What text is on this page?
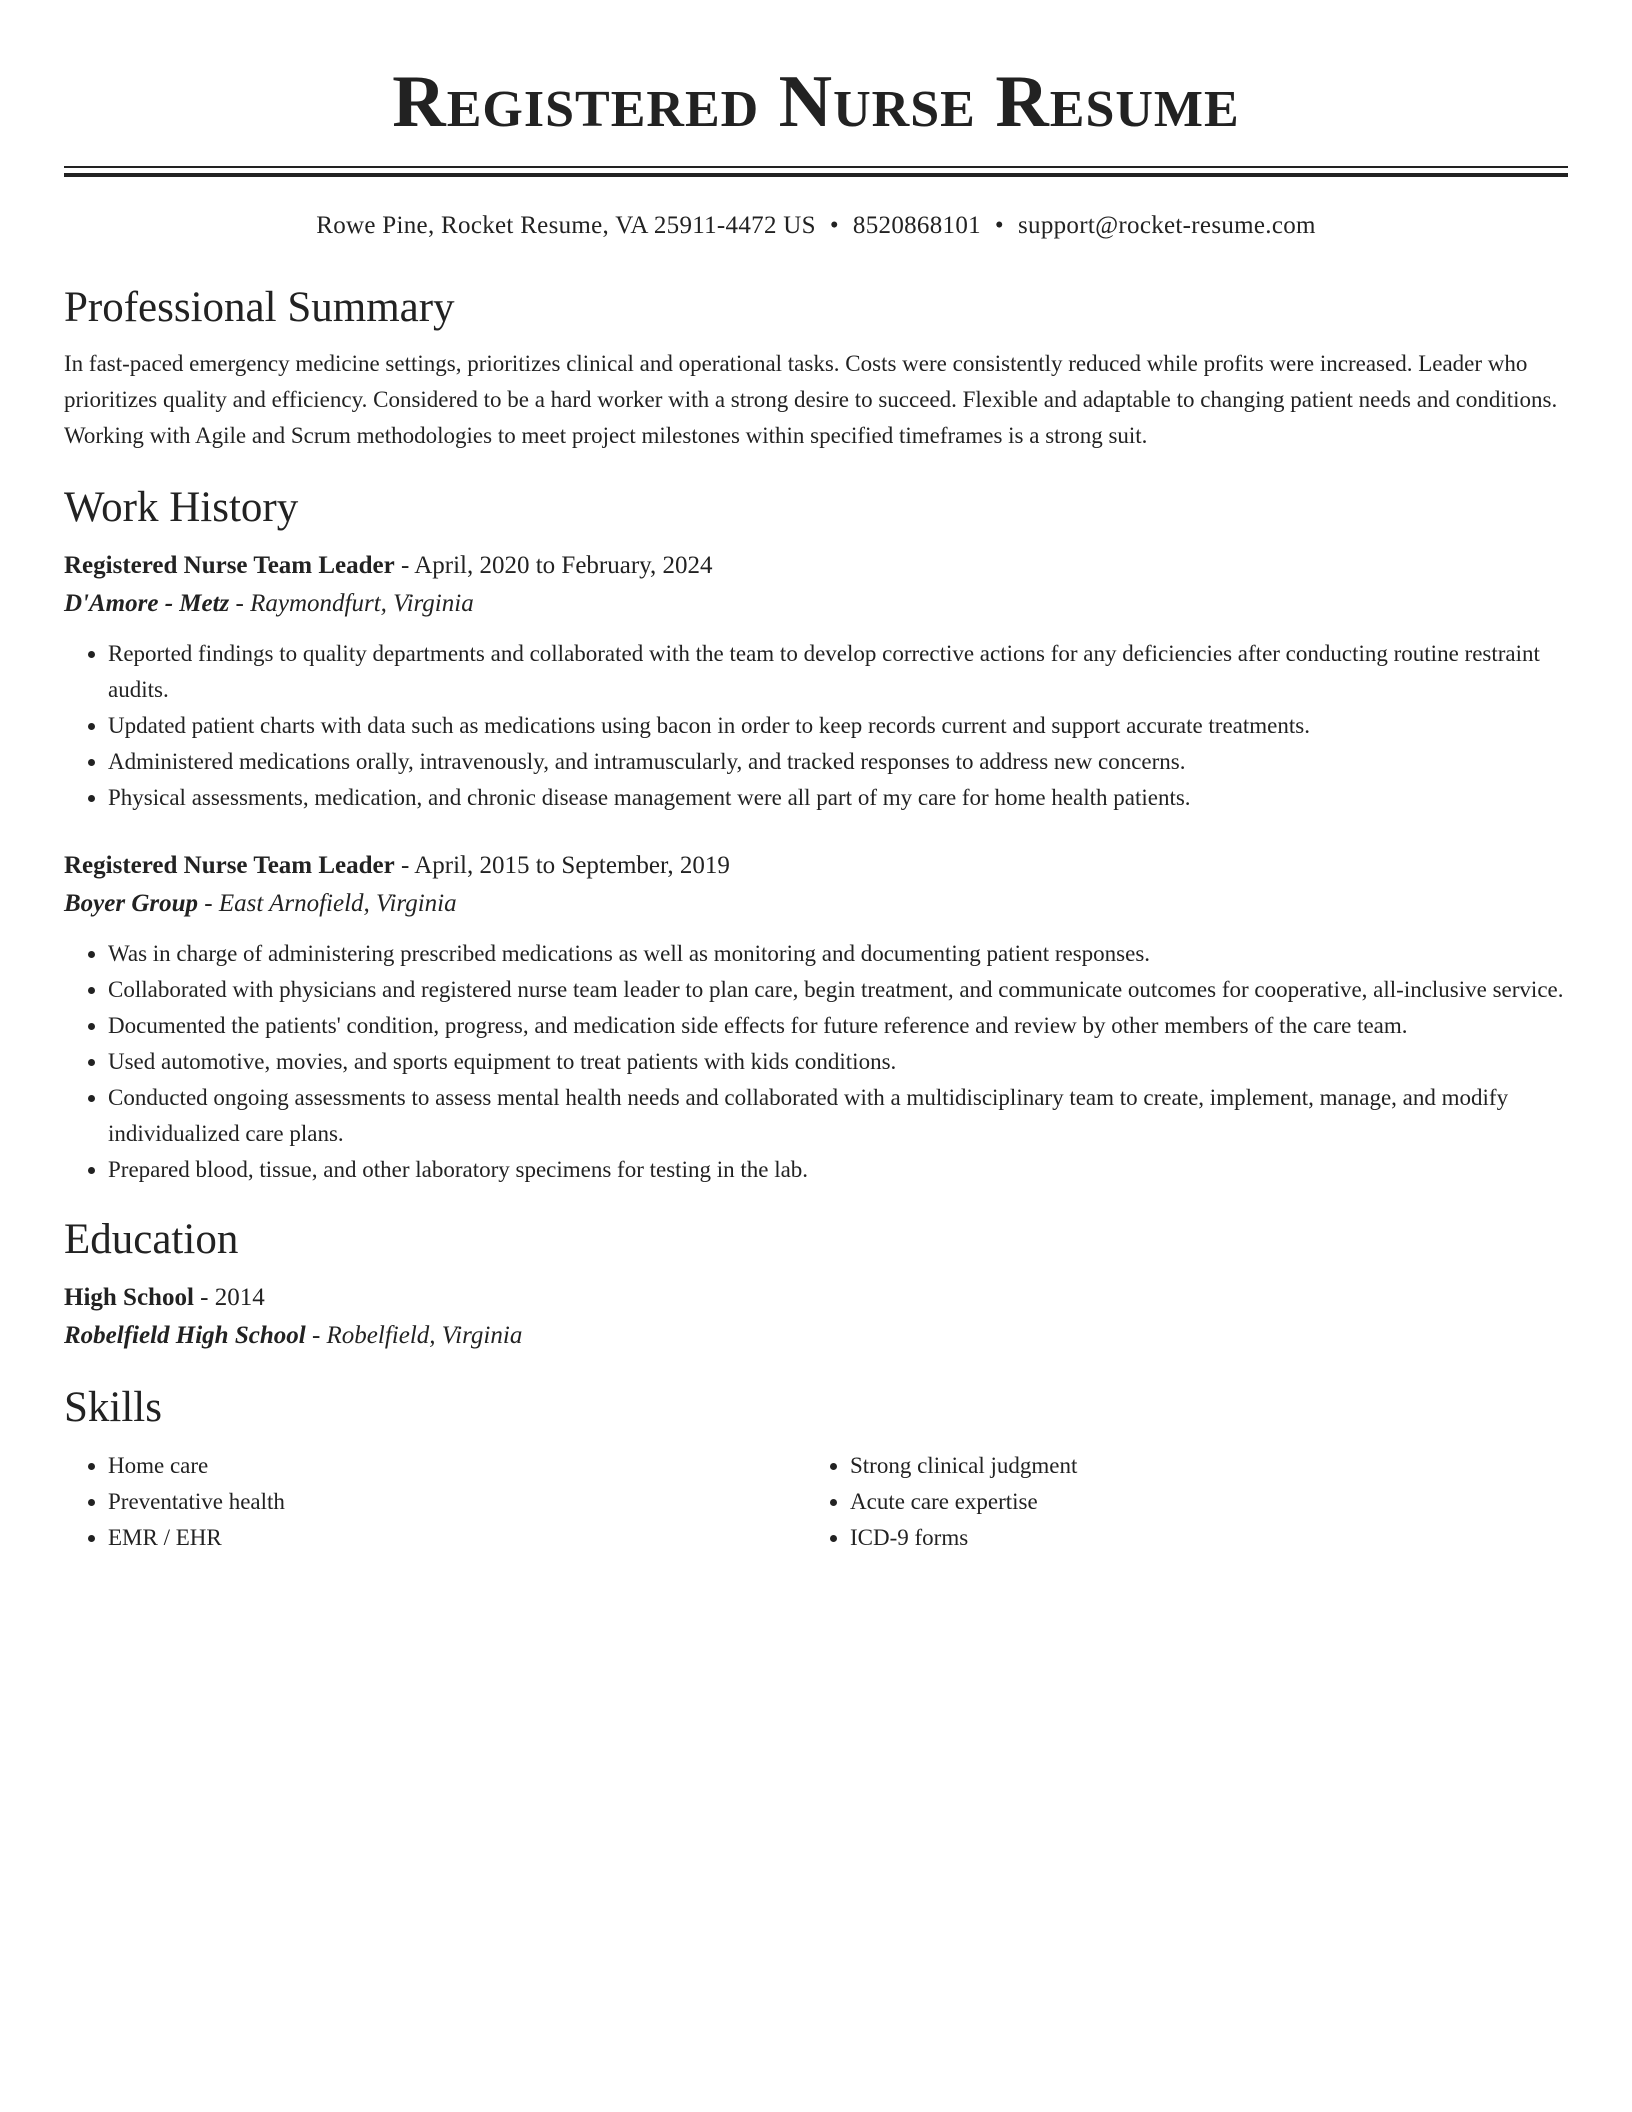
Registered Nurse Resume
Rowe Pine, Rocket Resume, VA 25911-4472 US • 8520868101 • support@rocket-resume.com
Professional Summary

In fast-paced emergency medicine settings, prioritizes clinical and operational tasks. Costs were consistently reduced while profits were increased. Leader who prioritizes quality and efficiency. Considered to be a hard worker with a strong desire to succeed. Flexible and adaptable to changing patient needs and conditions. Working with Agile and Scrum methodologies to meet project milestones within specified timeframes is a strong suit.

Work History
Registered Nurse Team Leader - April, 2020 to February, 2024
D'Amore - Metz - Raymondfurt, Virginia
• Reported findings to quality departments and collaborated with the team to develop corrective actions for any deficiencies after conducting routine restraint audits.
• Updated patient charts with data such as medications using bacon in order to keep records current and support accurate treatments.
• Administered medications orally, intravenously, and intramuscularly, and tracked responses to address new concerns.
• Physical assessments, medication, and chronic disease management were all part of my care for home health patients.
Registered Nurse Team Leader - April, 2015 to September, 2019
Boyer Group - East Arnofield, Virginia
• Was in charge of administering prescribed medications as well as monitoring and documenting patient responses.
• Collaborated with physicians and registered nurse team leader to plan care, begin treatment, and communicate outcomes for cooperative, all-inclusive service.
• Documented the patients' condition, progress, and medication side effects for future reference and review by other members of the care team.
• Used automotive, movies, and sports equipment to treat patients with kids conditions.
• Conducted ongoing assessments to assess mental health needs and collaborated with a multidisciplinary team to create, implement, manage, and modify individualized care plans.
• Prepared blood, tissue, and other laboratory specimens for testing in the lab.
Education
High School - 2014
Robelfield High School - Robelfield, Virginia
Skills
• Home care
• Preventative health
• EMR / EHR
• Strong clinical judgment
• Acute care expertise
• ICD-9 forms
